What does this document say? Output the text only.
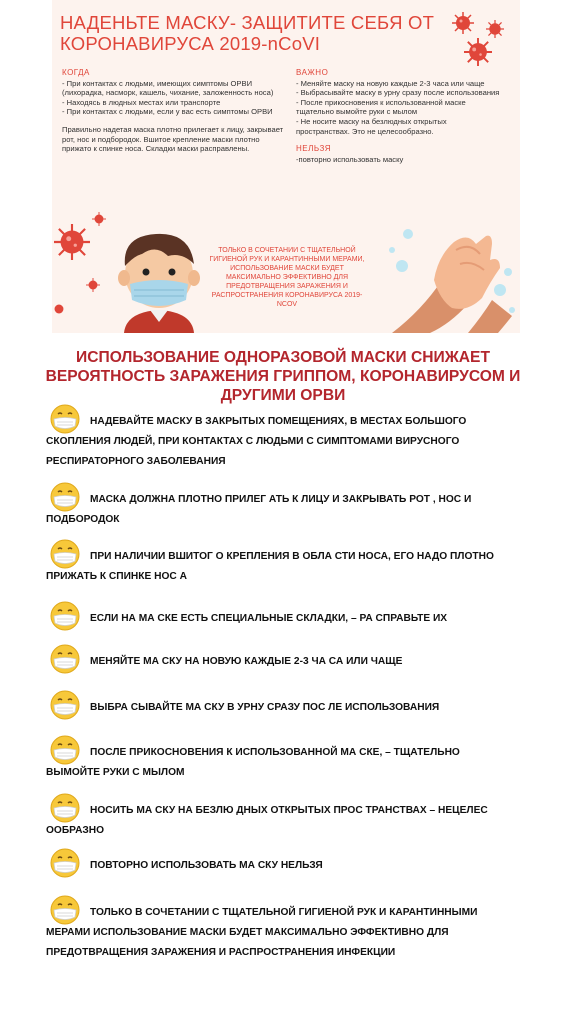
НАДЕНЬТЕ МАСКУ- ЗАЩИТИТЕ СЕБЯ ОТ КОРОНАВИРУСА 2019-nCoVI
КОГДА
- При контактах с людьми, имеющих симптомы ОРВИ (лихорадка, насморк, кашель, чихание, заложенность носа)
- Находясь в людных местах или транспорте
- При контактах с людьми, если у вас есть симптомы ОРВИ
Правильно надетая маска плотно прилегает к лицу, закрывает рот, нос и подбородок. Вшитое крепление маски плотно прижато к спинке носа. Складки маски расправлены.
ВАЖНО
- Меняйте маску на новую каждые 2-3 часа или чаще
- Выбрасывайте маску в урну сразу после использования
- После прикосновения к использованной маске тщательно вымойте руки с мылом
- Не носите маску на безлюдных открытых пространствах. Это не целесообразно.
НЕЛЬЗЯ
-повторно использовать маску
ТОЛЬКО В СОЧЕТАНИИ С ТЩАТЕЛЬНОЙ ГИГИЕНОЙ РУК И КАРАНТИННЫМИ МЕРАМИ, ИСПОЛЬЗОВАНИЕ МАСКИ БУДЕТ МАКСИМАЛЬНО ЭФФЕКТИВНО ДЛЯ ПРЕДОТВРАЩЕНИЯ ЗАРАЖЕНИЯ И РАСПРОСТРАНЕНИЯ КОРОНАВИРУСА 2019- NCOV
ИСПОЛЬЗОВАНИЕ ОДНОРАЗОВОЙ МАСКИ СНИЖАЕТ ВЕРОЯТНОСТЬ ЗАРАЖЕНИЯ ГРИППОМ, КОРОНАВИРУСОМ И ДРУГИМИ ОРВИ
НАДЕВАЙТЕ МАСКУ В ЗАКРЫТЫХ ПОМЕЩЕНИЯХ, В МЕСТАХ БОЛЬШОГО СКОПЛЕНИЯ ЛЮДЕЙ, ПРИ КОНТАКТАХ С ЛЮДЬМИ С СИМПТОМАМИ ВИРУСНОГО РЕСПИРАТОРНОГО ЗАБОЛЕВАНИЯ
МАСКА ДОЛЖНА ПЛОТНО ПРИЛЕГ АТЬ К ЛИЦУ И ЗАКРЫВАТЬ РОТ , НОС И ПОДБОРОДОК
ПРИ НАЛИЧИИ ВШИТОГ О КРЕПЛЕНИЯ В ОБЛА СТИ НОСА, ЕГО НАДО ПЛОТНО ПРИЖАТЬ К СПИНКЕ НОС А
ЕСЛИ НА МА СКЕ ЕСТЬ СПЕЦИАЛЬНЫЕ СКЛАДКИ, – РА СПРАВЬТЕ ИХ
МЕНЯЙТЕ МА СКУ НА НОВУЮ КАЖДЫЕ 2-3 ЧА СА ИЛИ ЧАЩЕ
ВЫБРА СЫВАЙТЕ МА СКУ В УРНУ СРАЗУ ПОС ЛЕ ИСПОЛЬЗОВАНИЯ
ПОСЛЕ ПРИКОСНОВЕНИЯ К ИСПОЛЬЗОВАННОЙ МА СКЕ, – ТЩАТЕЛЬНО ВЫМОЙТЕ РУКИ С МЫЛОМ
НОСИТЬ МА СКУ НА БЕЗЛЮ ДНЫХ ОТКРЫТЫХ ПРОС ТРАНСТВАХ – НЕЦЕЛЕС ООБРАЗНО
ПОВТОРНО ИСПОЛЬЗОВАТЬ МА СКУ НЕЛЬЗЯ
ТОЛЬКО В СОЧЕТАНИИ С ТЩАТЕЛЬНОЙ ГИГИЕНОЙ РУК И КАРАНТИННЫМИ МЕРАМИ ИСПОЛЬЗОВАНИЕ МАСКИ БУДЕТ МАКСИМАЛЬНО ЭФФЕКТИВНО ДЛЯ ПРЕДОТВРАЩЕНИЯ ЗАРАЖЕНИЯ И РАСПРОСТРАНЕНИЯ ИНФЕКЦИИ
